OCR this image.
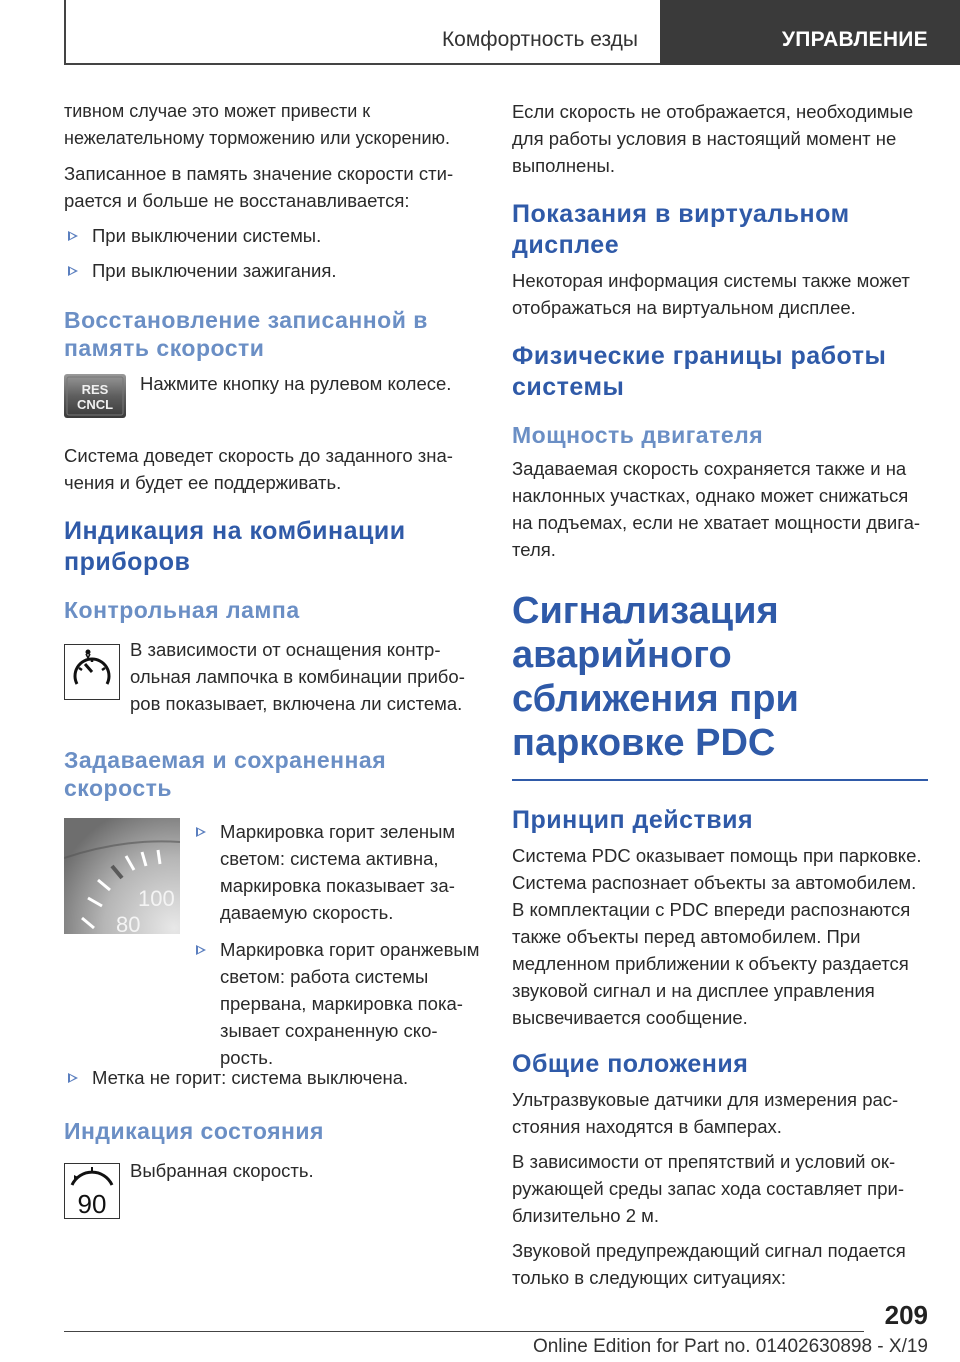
Комфортность езды	УПРАВЛЕНИЕ

тивном случае это может привести к нежелательному торможению или ускорению.

Записанное в память значение скорости стирается и больше не восстанавливается:

При выключении системы.
При выключении зажигания.
Восстановление записанной в память скорости
RES
CNCL

Нажмите кнопку на рулевом колесе.

Система доведет скорость до заданного значения и будет ее поддерживать.

Индикация на комбинации приборов
Контрольная лампа

В зависимости от оснащения контрольная лампочка в комбинации приборов показывает, включена ли система.

Задаваемая и сохраненная скорость
100
80
Маркировка горит зеленым светом: система активна, маркировка показывает задаваемую скорость.
Маркировка горит оранжевым светом: работа системы прервана, маркировка показывает сохраненную скорость.
Метка не горит: система выключена.
Индикация состояния
90

Выбранная скорость.

Если скорость не отображается, необходимые для работы условия в настоящий момент не выполнены.

Показания в виртуальном дисплее

Некоторая информация системы также может отображаться на виртуальном дисплее.

Физические границы работы системы
Мощность двигателя

Задаваемая скорость сохраняется также и на наклонных участках, однако может снижаться на подъемах, если не хватает мощности двигателя.

Сигнализация аварийного сближения при парковке PDC
Принцип действия

Система PDC оказывает помощь при парковке. Система распознает объекты за автомобилем. В комплектации с PDC впереди распознаются также объекты перед автомобилем. При медленном приближении к объекту раздается звуковой сигнал и на дисплее управления высвечивается сообщение.

Общие положения

Ультразвуковые датчики для измерения расстояния находятся в бамперах.

В зависимости от препятствий и условий окружающей среды запас хода составляет приблизительно 2 м.

Звуковой предупреждающий сигнал подается только в следующих ситуациях:

209
Online Edition for Part no. 01402630898 - X/19
